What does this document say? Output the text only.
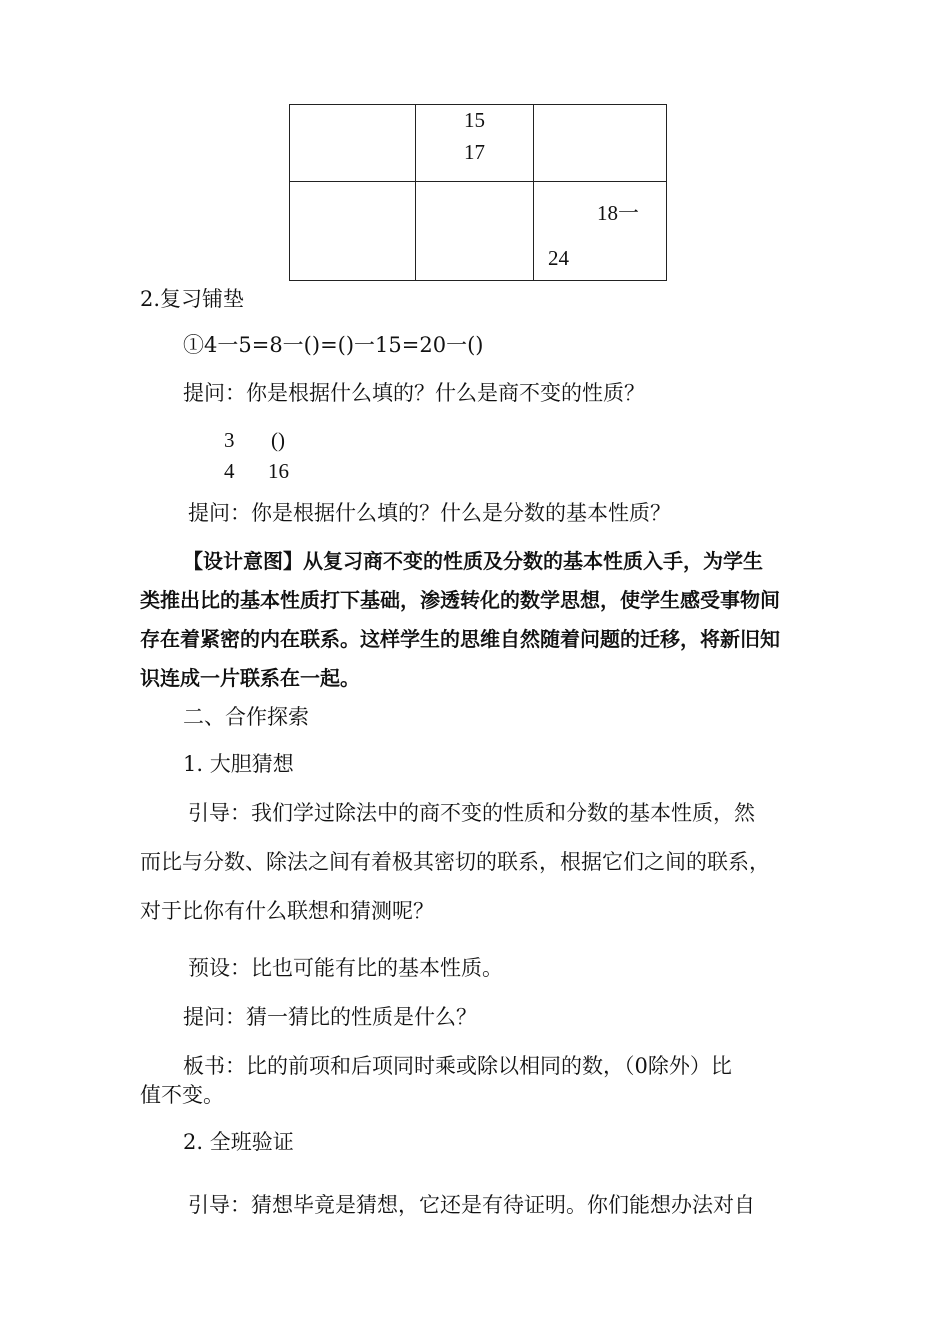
15
17
18一
24
2.复习铺垫
①4一5=8一()=()一15=20一()
提问：你是根据什么填的？什么是商不变的性质？
3 ()
4 16
提问：你是根据什么填的？什么是分数的基本性质？
【设计意图】从复习商不变的性质及分数的基本性质入手，为学生
类推出比的基本性质打下基础，渗透转化的数学思想，使学生感受事物间
存在着紧密的内在联系。这样学生的思维自然随着问题的迁移，将新旧知
识连成一片联系在一起。
二、合作探索
1. 大胆猜想
引导：我们学过除法中的商不变的性质和分数的基本性质，然
而比与分数、除法之间有着极其密切的联系，根据它们之间的联系，
对于比你有什么联想和猜测呢？
预设：比也可能有比的基本性质。
提问：猜一猜比的性质是什么？
板书：比的前项和后项同时乘或除以相同的数，（0除外）比
值不变。
2. 全班验证
引导：猜想毕竟是猜想，它还是有待证明。你们能想办法对自
